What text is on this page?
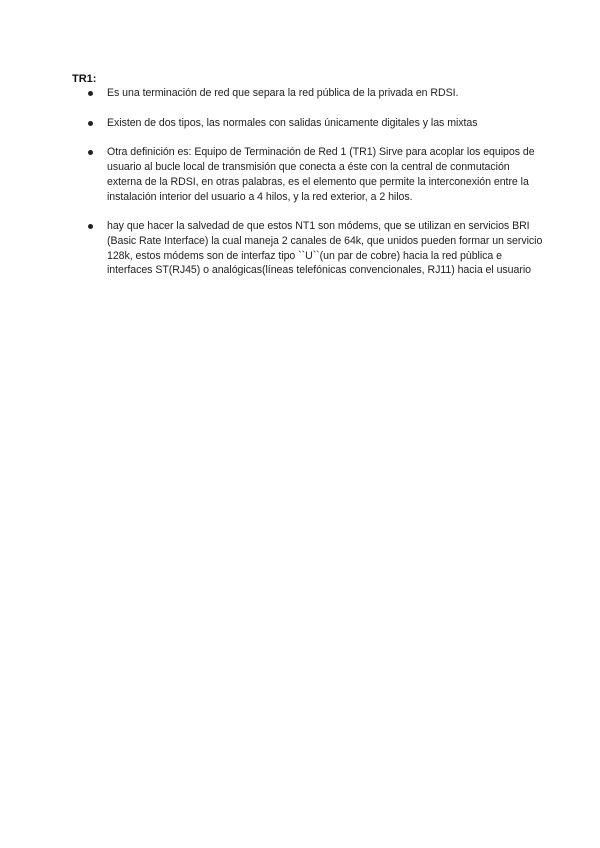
TR1:
Es una terminación de red que separa la red pública de la privada en RDSI.
Existen de dos tipos, las normales con salidas únicamente digitales y las mixtas
Otra definición es: Equipo de Terminación de Red 1 (TR1) Sirve para acoplar los equipos de usuario al bucle local de transmisión que conecta a éste con la central de conmutación externa de la RDSI, en otras palabras, es el elemento que permite la interconexión entre la instalación interior del usuario a 4 hilos, y la red exterior, a 2 hilos.
hay que hacer la salvedad de que estos NT1 son módems, que se utilizan en servicios BRI (Basic Rate Interface) la cual maneja 2 canales de 64k, que unidos pueden formar un servicio 128k, estos módems son de interfaz tipo ``U``(un par de cobre) hacia la red pùblica e interfaces ST(RJ45) o analógicas(líneas telefónicas convencionales, RJ11) hacia el usuario
